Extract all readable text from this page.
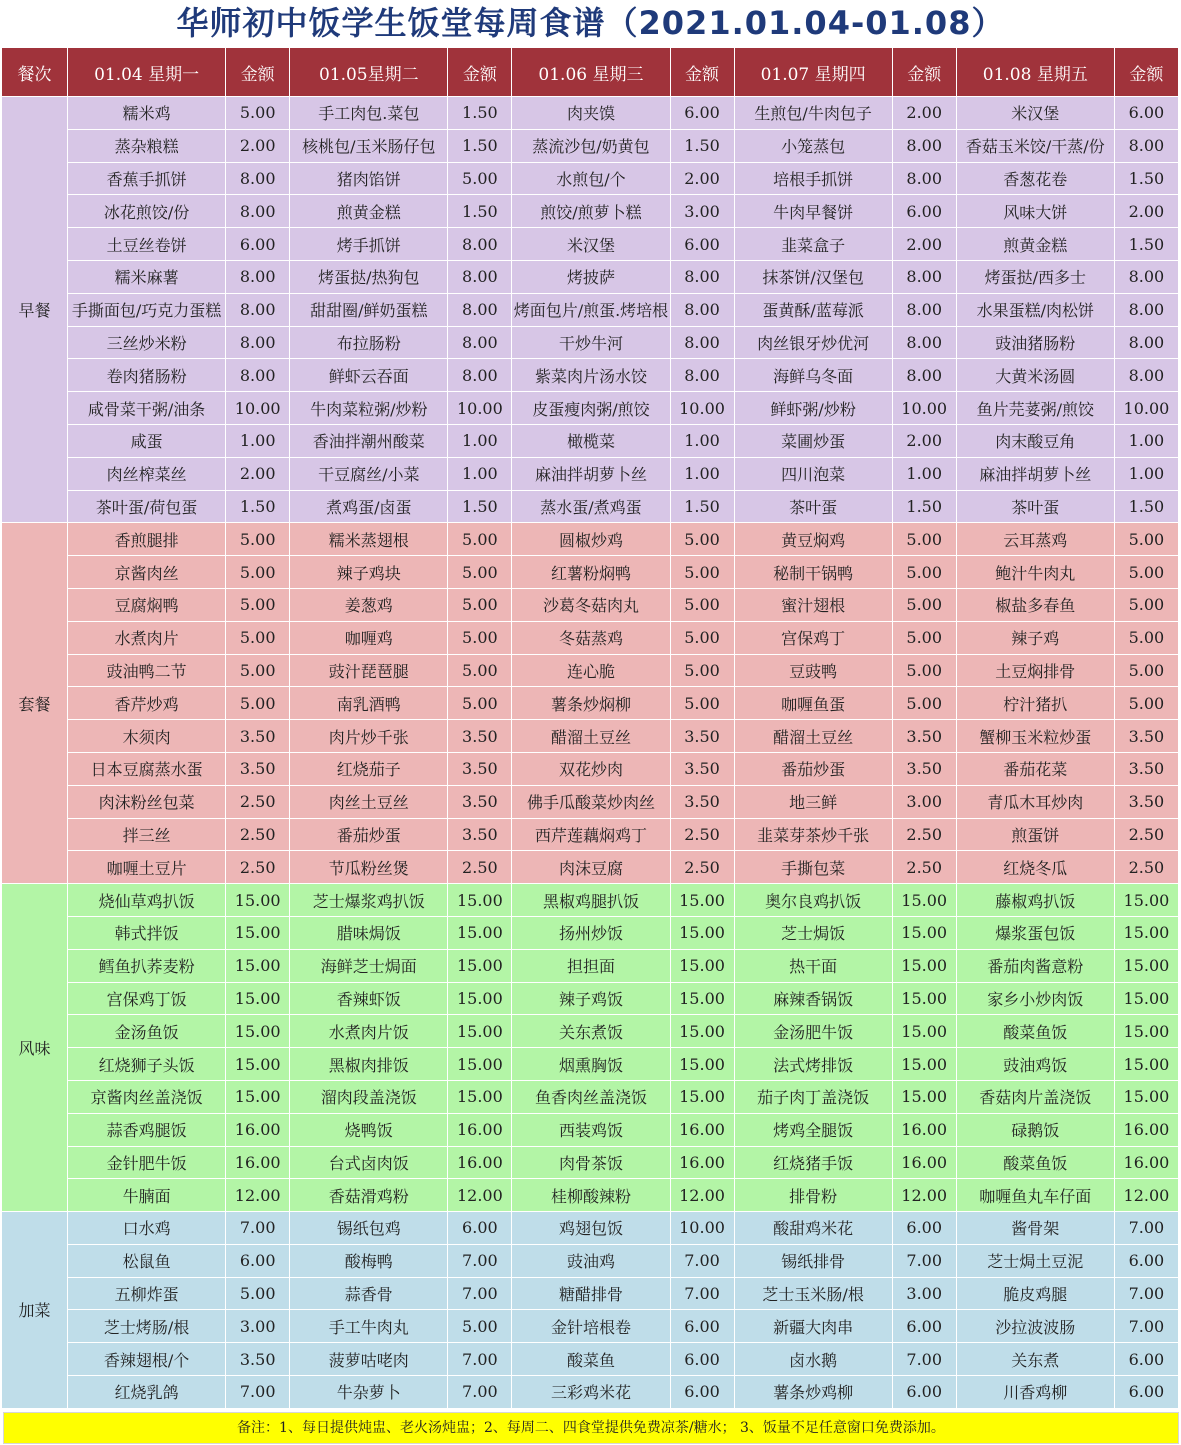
华师初中饭学生饭堂每周食谱（2021.01.04-01.08）
餐次	01.04 星期一	金额	01.05星期二	金额	01.06 星期三	金额	01.07 星期四	金额	01.08 星期五	金额
早餐	糯米鸡	5.00	手工肉包.菜包	1.50	肉夹馍	6.00	生煎包/牛肉包子	2.00	米汉堡	6.00
	蒸杂粮糕	2.00	核桃包/玉米肠仔包	1.50	蒸流沙包/奶黄包	1.50	小笼蒸包	8.00	香菇玉米饺/干蒸/份	8.00
	香蕉手抓饼	8.00	猪肉馅饼	5.00	水煎包/个	2.00	培根手抓饼	8.00	香葱花卷	1.50
	冰花煎饺/份	8.00	煎黄金糕	1.50	煎饺/煎萝卜糕	3.00	牛肉早餐饼	6.00	风味大饼	2.00
	土豆丝卷饼	6.00	烤手抓饼	8.00	米汉堡	6.00	韭菜盒子	2.00	煎黄金糕	1.50
	糯米麻薯	8.00	烤蛋挞/热狗包	8.00	烤披萨	8.00	抹茶饼/汉堡包	8.00	烤蛋挞/西多士	8.00
	手撕面包/巧克力蛋糕	8.00	甜甜圈/鲜奶蛋糕	8.00	烤面包片/煎蛋.烤培根	8.00	蛋黄酥/蓝莓派	8.00	水果蛋糕/肉松饼	8.00
	三丝炒米粉	8.00	布拉肠粉	8.00	干炒牛河	8.00	肉丝银牙炒优河	8.00	豉油猪肠粉	8.00
	卷肉猪肠粉	8.00	鲜虾云吞面	8.00	紫菜肉片汤水饺	8.00	海鲜乌冬面	8.00	大黄米汤圆	8.00
	咸骨菜干粥/油条	10.00	牛肉菜粒粥/炒粉	10.00	皮蛋瘦肉粥/煎饺	10.00	鲜虾粥/炒粉	10.00	鱼片芫荽粥/煎饺	10.00
	咸蛋	1.00	香油拌潮州酸菜	1.00	橄榄菜	1.00	菜圃炒蛋	2.00	肉末酸豆角	1.00
	肉丝榨菜丝	2.00	干豆腐丝/小菜	1.00	麻油拌胡萝卜丝	1.00	四川泡菜	1.00	麻油拌胡萝卜丝	1.00
	茶叶蛋/荷包蛋	1.50	煮鸡蛋/卤蛋	1.50	蒸水蛋/煮鸡蛋	1.50	茶叶蛋	1.50	茶叶蛋	1.50
套餐	香煎腿排	5.00	糯米蒸翅根	5.00	圆椒炒鸡	5.00	黄豆焖鸡	5.00	云耳蒸鸡	5.00
	京酱肉丝	5.00	辣子鸡块	5.00	红薯粉焖鸭	5.00	秘制干锅鸭	5.00	鲍汁牛肉丸	5.00
	豆腐焖鸭	5.00	姜葱鸡	5.00	沙葛冬菇肉丸	5.00	蜜汁翅根	5.00	椒盐多春鱼	5.00
	水煮肉片	5.00	咖喱鸡	5.00	冬菇蒸鸡	5.00	宫保鸡丁	5.00	辣子鸡	5.00
	豉油鸭二节	5.00	豉汁琵琶腿	5.00	连心脆	5.00	豆豉鸭	5.00	土豆焖排骨	5.00
	香芹炒鸡	5.00	南乳酒鸭	5.00	薯条炒焖柳	5.00	咖喱鱼蛋	5.00	柠汁猪扒	5.00
	木须肉	3.50	肉片炒千张	3.50	醋溜土豆丝	3.50	醋溜土豆丝	3.50	蟹柳玉米粒炒蛋	3.50
	日本豆腐蒸水蛋	3.50	红烧茄子	3.50	双花炒肉	3.50	番茄炒蛋	3.50	番茄花菜	3.50
	肉沫粉丝包菜	2.50	肉丝土豆丝	3.50	佛手瓜酸菜炒肉丝	3.50	地三鲜	3.00	青瓜木耳炒肉	3.50
	拌三丝	2.50	番茄炒蛋	3.50	西芹莲藕焖鸡丁	2.50	韭菜芽茶炒千张	2.50	煎蛋饼	2.50
	咖喱土豆片	2.50	节瓜粉丝煲	2.50	肉沫豆腐	2.50	手撕包菜	2.50	红烧冬瓜	2.50
风味	烧仙草鸡扒饭	15.00	芝士爆浆鸡扒饭	15.00	黑椒鸡腿扒饭	15.00	奥尔良鸡扒饭	15.00	藤椒鸡扒饭	15.00
	韩式拌饭	15.00	腊味焗饭	15.00	扬州炒饭	15.00	芝士焗饭	15.00	爆浆蛋包饭	15.00
	鳕鱼扒荞麦粉	15.00	海鲜芝士焗面	15.00	担担面	15.00	热干面	15.00	番茄肉酱意粉	15.00
	宫保鸡丁饭	15.00	香辣虾饭	15.00	辣子鸡饭	15.00	麻辣香锅饭	15.00	家乡小炒肉饭	15.00
	金汤鱼饭	15.00	水煮肉片饭	15.00	关东煮饭	15.00	金汤肥牛饭	15.00	酸菜鱼饭	15.00
	红烧狮子头饭	15.00	黑椒肉排饭	15.00	烟熏胸饭	15.00	法式烤排饭	15.00	豉油鸡饭	15.00
	京酱肉丝盖浇饭	15.00	溜肉段盖浇饭	15.00	鱼香肉丝盖浇饭	15.00	茄子肉丁盖浇饭	15.00	香菇肉片盖浇饭	15.00
	蒜香鸡腿饭	16.00	烧鸭饭	16.00	西装鸡饭	16.00	烤鸡全腿饭	16.00	碌鹅饭	16.00
	金针肥牛饭	16.00	台式卤肉饭	16.00	肉骨茶饭	16.00	红烧猪手饭	16.00	酸菜鱼饭	16.00
	牛腩面	12.00	香菇滑鸡粉	12.00	桂柳酸辣粉	12.00	排骨粉	12.00	咖喱鱼丸车仔面	12.00
加菜	口水鸡	7.00	锡纸包鸡	6.00	鸡翅包饭	10.00	酸甜鸡米花	6.00	酱骨架	7.00
	松鼠鱼	6.00	酸梅鸭	7.00	豉油鸡	7.00	锡纸排骨	7.00	芝士焗土豆泥	6.00
	五柳炸蛋	5.00	蒜香骨	7.00	糖醋排骨	7.00	芝士玉米肠/根	3.00	脆皮鸡腿	7.00
	芝士烤肠/根	3.00	手工牛肉丸	5.00	金针培根卷	6.00	新疆大肉串	6.00	沙拉波波肠	7.00
	香辣翅根/个	3.50	菠萝咕咾肉	7.00	酸菜鱼	6.00	卤水鹅	7.00	关东煮	6.00
	红烧乳鸽	7.00	牛杂萝卜	7.00	三彩鸡米花	6.00	薯条炒鸡柳	6.00	川香鸡柳	6.00
备注：1、每日提供炖盅、老火汤炖盅；2、每周二、四食堂提供免费凉茶/糖水； 3、饭量不足任意窗口免费添加。
